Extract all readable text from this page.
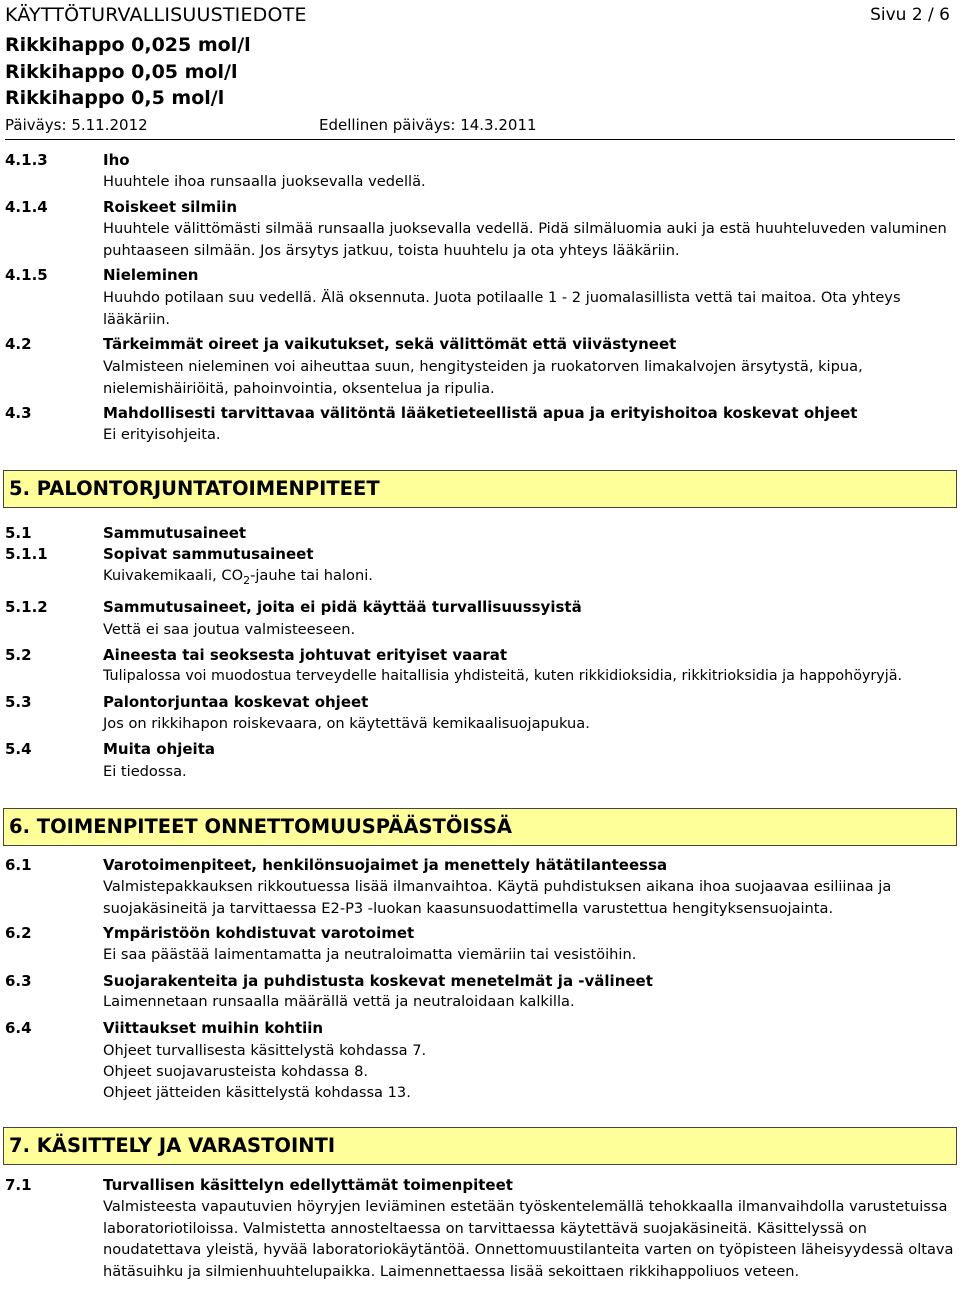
KÄYTTÖTURVALLISUUSTIEDOTE	Sivu 2 / 6
Rikkihappo 0,025 mol/l
Rikkihappo 0,05 mol/l
Rikkihappo 0,5 mol/l
Päiväys: 5.11.2012	Edellinen päiväys: 14.3.2011
4.1.3	Iho
Huuhtele ihoa runsaalla juoksevalla vedellä.
4.1.4	Roiskeet silmiin
Huuhtele välittömästi silmää runsaalla juoksevalla vedellä. Pidä silmäluomia auki ja estä huuhteluveden valuminen puhtaaseen silmään. Jos ärsytys jatkuu, toista huuhtelu ja ota yhteys lääkäriin.
4.1.5	Nieleminen
Huuhdo potilaan suu vedellä. Älä oksennuta. Juota potilaalle 1 - 2 juomalasillista vettä tai maitoa. Ota yhteys lääkäriin.
4.2	Tärkeimmät oireet ja vaikutukset, sekä välittömät että viivästyneet
Valmisteen nieleminen voi aiheuttaa suun, hengitysteiden ja ruokatorven limakalvojen ärsytystä, kipua, nielemishäiriöitä, pahoinvointia, oksentelua ja ripulia.
4.3	Mahdollisesti tarvittavaa välitöntä lääketieteellistä apua ja erityishoitoa koskevat ohjeet
Ei erityisohjeita.
5. PALONTORJUNTATOIMENPITEET
5.1	Sammutusaineet
5.1.1	Sopivat sammutusaineet
Kuivakemikaali, $CO_2$-jauhe tai haloni.
5.1.2	Sammutusaineet, joita ei pidä käyttää turvallisuussyistä
Vettä ei saa joutua valmisteeseen.
5.2	Aineesta tai seoksesta johtuvat erityiset vaarat
Tulipalossa voi muodostua terveydelle haitallisia yhdisteitä, kuten rikkidioksidia, rikkitrioksidia ja happohöyryjä.
5.3	Palontorjuntaa koskevat ohjeet
Jos on rikkihapon roiskevaara, on käytettävä kemikaalisuojapukua.
5.4	Muita ohjeita
Ei tiedossa.
6. TOIMENPITEET ONNETTOMUUSPÄÄSTÖISSÄ
6.1	Varotoimenpiteet, henkilönsuojaimet ja menettely hätätilanteessa
Valmistepakkauksen rikkoutuessa lisää ilmanvaihtoa. Käytä puhdistuksen aikana ihoa suojaavaa esiliinaa ja suojakäsineitä ja tarvittaessa E2-P3 -luokan kaasunsuodattimella varustettua hengityksensuojainta.
6.2	Ympäristöön kohdistuvat varotoimet
Ei saa päästää laimentamatta ja neutraloimatta viemäriin tai vesistöihin.
6.3	Suojarakenteita ja puhdistusta koskevat menetelmät ja -välineet
Laimennetaan runsaalla määrällä vettä ja neutraloidaan kalkilla.
6.4	Viittaukset muihin kohtiin
Ohjeet turvallisesta käsittelystä kohdassa 7.
Ohjeet suojavarusteista kohdassa 8.
Ohjeet jätteiden käsittelystä kohdassa 13.
7. KÄSITTELY JA VARASTOINTI
7.1	Turvallisen käsittelyn edellyttämät toimenpiteet
Valmisteesta vapautuvien höyryjen leviäminen estetään työskentelemällä tehokkaalla ilmanvaihdolla varustetuissa laboratoriotiloissa. Valmistetta annosteltaessa on tarvittaessa käytettävä suojakäsineitä. Käsittelyssä on noudatettava yleistä, hyvää laboratoriokäytäntöä. Onnettomuustilanteita varten on työpisteen läheisyydessä oltava hätäsuihku ja silmienhuuhtelupaikka. Laimennettaessa lisää sekoittaen rikkihappoliuos veteen.
